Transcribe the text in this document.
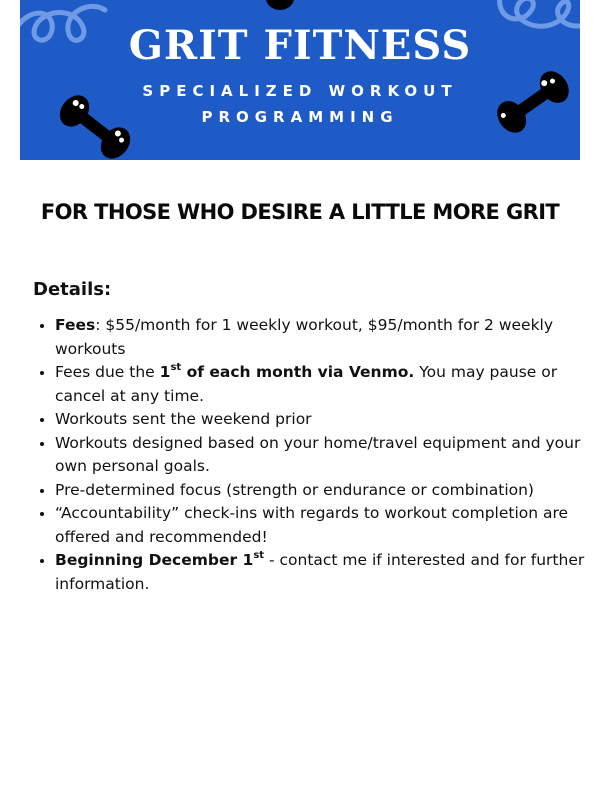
GRIT FITNESS
SPECIALIZED WORKOUT
PROGRAMMING
FOR THOSE WHO DESIRE A LITTLE MORE GRIT
Details:
• Fees: $55/month for 1 weekly workout, $95/month for 2 weekly workouts
• Fees due the 1st of each month via Venmo. You may pause or cancel at any time.
• Workouts sent the weekend prior
• Workouts designed based on your home/travel equipment and your own personal goals.
• Pre-determined focus (strength or endurance or combination)
• “Accountability” check-ins with regards to workout completion are offered and recommended!
• Beginning December 1st - contact me if interested and for further information.
